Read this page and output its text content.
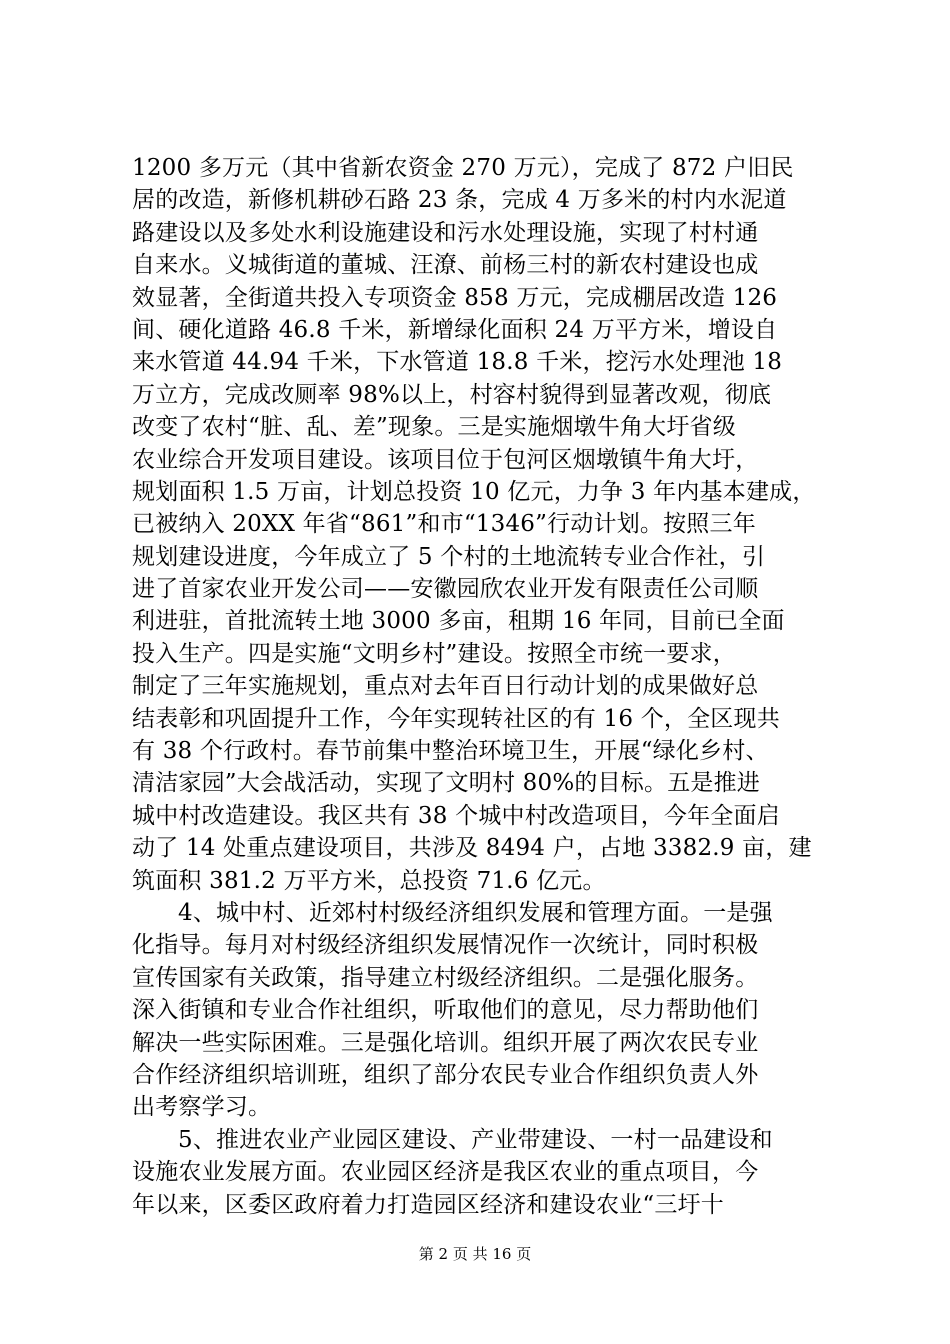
1200 多万元（其中省新农资金 270 万元），完成了 872 户旧民
居的改造，新修机耕砂石路 23 条，完成 4 万多米的村内水泥道
路建设以及多处水利设施建设和污水处理设施，实现了村村通
自来水。义城街道的董城、汪潦、前杨三村的新农村建设也成
效显著，全街道共投入专项资金 858 万元，完成棚居改造 126
间、硬化道路 46.8 千米，新增绿化面积 24 万平方米，增设自
来水管道 44.94 千米，下水管道 18.8 千米，挖污水处理池 18
万立方，完成改厕率 98%以上，村容村貌得到显著改观，彻底
改变了农村“脏、乱、差”现象。三是实施烟墩牛角大圩省级
农业综合开发项目建设。该项目位于包河区烟墩镇牛角大圩，
规划面积 1.5 万亩，计划总投资 10 亿元，力争 3 年内基本建成，
已被纳入 20XX 年省“861”和市“1346”行动计划。按照三年
规划建设进度，今年成立了 5 个村的土地流转专业合作社，引
进了首家农业开发公司——安徽园欣农业开发有限责任公司顺
利进驻，首批流转土地 3000 多亩，租期 16 年同，目前已全面
投入生产。四是实施“文明乡村”建设。按照全市统一要求，
制定了三年实施规划，重点对去年百日行动计划的成果做好总
结表彰和巩固提升工作，今年实现转社区的有 16 个，全区现共
有 38 个行政村。春节前集中整治环境卫生，开展“绿化乡村、
清洁家园”大会战活动，实现了文明村 80%的目标。五是推进
城中村改造建设。我区共有 38 个城中村改造项目，今年全面启
动了 14 处重点建设项目，共涉及 8494 户，占地 3382.9 亩，建
筑面积 381.2 万平方米，总投资 71.6 亿元。
4、城中村、近郊村村级经济组织发展和管理方面。一是强
化指导。每月对村级经济组织发展情况作一次统计，同时积极
宣传国家有关政策，指导建立村级经济组织。二是强化服务。
深入街镇和专业合作社组织，听取他们的意见，尽力帮助他们
解决一些实际困难。三是强化培训。组织开展了两次农民专业
合作经济组织培训班，组织了部分农民专业合作组织负责人外
出考察学习。
5、推进农业产业园区建设、产业带建设、一村一品建设和
设施农业发展方面。农业园区经济是我区农业的重点项目，今
年以来，区委区政府着力打造园区经济和建设农业“三圩十
第 2 页 共 16 页
